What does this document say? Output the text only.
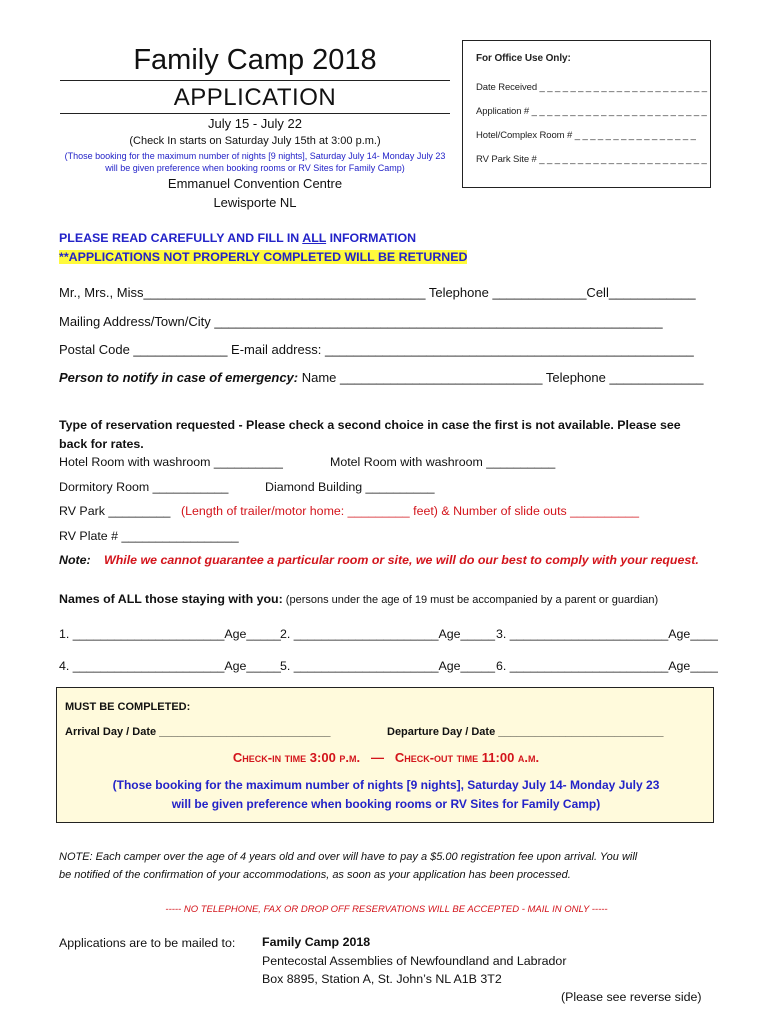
Family Camp 2018
APPLICATION
July 15 - July 22
(Check In starts on Saturday July 15th at 3:00 p.m.)
(Those booking for the maximum number of nights [9 nights], Saturday July 14- Monday July 23
will be given preference when booking rooms or RV Sites for Family Camp)
Emmanuel Convention Centre
Lewisporte NL
For Office Use Only:
Date Received _ _ _ _ _ _ _ _ _ _ _ _ _ _ _ _ _ _ _ _ _ _
Application # _ _ _ _ _ _ _ _ _ _ _ _ _ _ _ _ _ _ _ _ _ _ _
Hotel/Complex Room # _ _ _ _ _ _ _ _ _ _ _ _ _ _ _ _
RV Park Site # _ _ _ _ _ _ _ _ _ _ _ _ _ _ _ _ _ _ _ _ _ _
PLEASE READ CAREFULLY AND FILL IN ALL INFORMATION
**APPLICATIONS NOT PROPERLY COMPLETED WILL BE RETURNED
Mr., Mrs., Miss_______________________________________ Telephone _____________Cell____________
Mailing Address/Town/City ______________________________________________________________
Postal Code _____________ E-mail address: ___________________________________________________
Person to notify in case of emergency: Name ____________________________ Telephone _____________
Type of reservation requested - Please check a second choice in case the first is not available. Please see
back for rates.
Hotel Room with washroom __________	Motel Room with washroom __________
Dormitory Room ___________	Diamond Building __________
RV Park _________ (Length of trailer/motor home: _________ feet) & Number of slide outs __________
RV Plate # _________________
Note: While we cannot guarantee a particular room or site, we will do our best to comply with your request.
Names of ALL those staying with you: (persons under the age of 19 must be accompanied by a parent or guardian)
1. ______________________Age_____ 2. _____________________Age_____ 3. _______________________Age____
4. ______________________Age_____ 5. _____________________Age_____ 6. _______________________Age____
MUST BE COMPLETED:
Arrival Day / Date ____________________________	Departure Day / Date ___________________________
Check-in time 3:00 p.m. — Check-out time 11:00 a.m.
(Those booking for the maximum number of nights [9 nights], Saturday July 14- Monday July 23
will be given preference when booking rooms or RV Sites for Family Camp)
NOTE: Each camper over the age of 4 years old and over will have to pay a $5.00 registration fee upon arrival. You will
be notified of the confirmation of your accommodations, as soon as your application has been processed.
----- NO TELEPHONE, FAX OR DROP OFF RESERVATIONS WILL BE ACCEPTED - MAIL IN ONLY -----
Applications are to be mailed to: Family Camp 2018
Pentecostal Assemblies of Newfoundland and Labrador
Box 8895, Station A, St. John’s NL A1B 3T2
(Please see reverse side)
